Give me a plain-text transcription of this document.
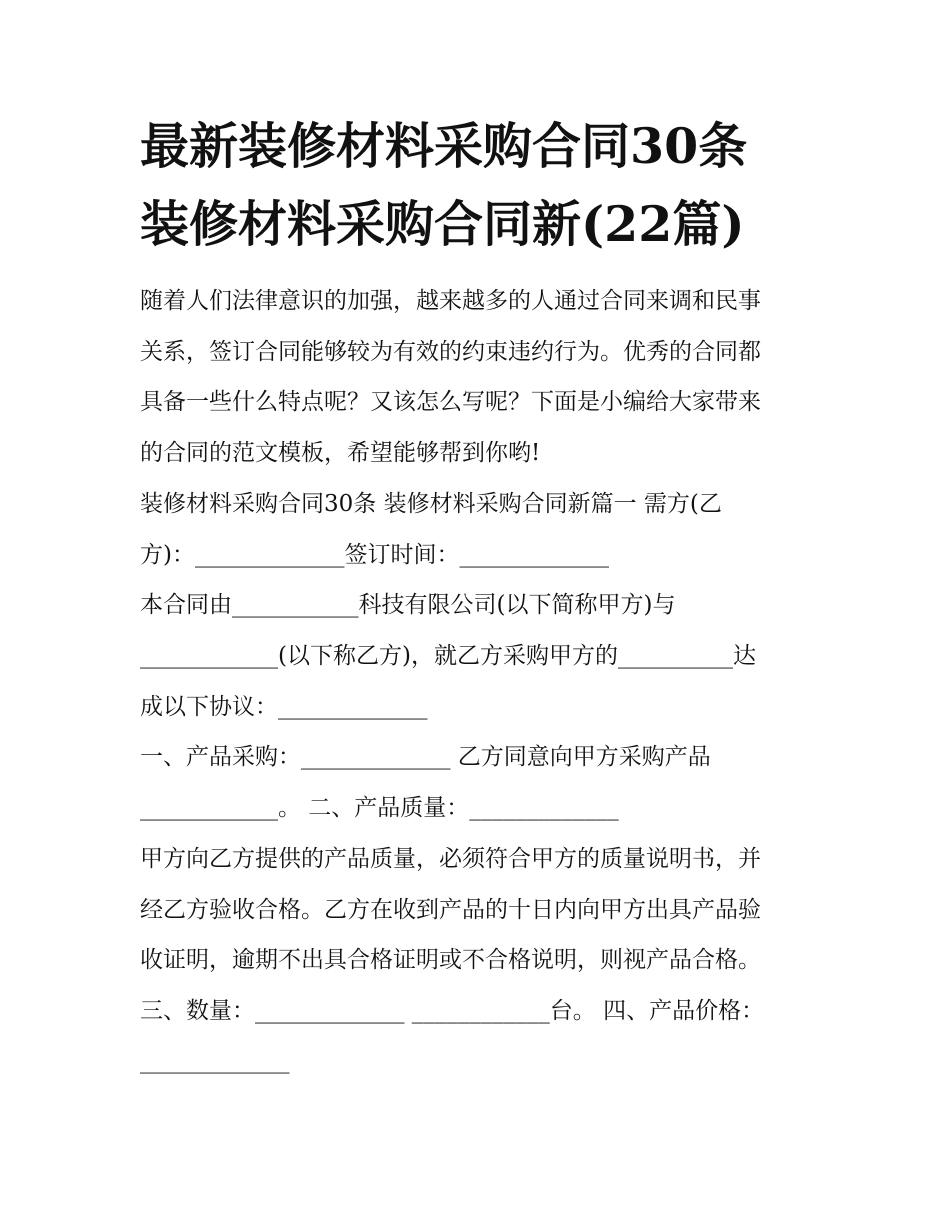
最新装修材料采购合同30条
装修材料采购合同新(22篇)
随着人们法律意识的加强，越来越多的人通过合同来调和民事
关系，签订合同能够较为有效的约束违约行为。优秀的合同都
具备一些什么特点呢？又该怎么写呢？下面是小编给大家带来
的合同的范文模板，希望能够帮到你哟!
装修材料采购合同30条 装修材料采购合同新篇一 需方(乙
方)：_____________签订时间：_____________
本合同由___________科技有限公司(以下简称甲方)与
____________(以下称乙方)，就乙方采购甲方的__________达
成以下协议：_____________
一、产品采购：_____________ 乙方同意向甲方采购产品
____________。 二、产品质量：_____________
甲方向乙方提供的产品质量，必须符合甲方的质量说明书，并
经乙方验收合格。乙方在收到产品的十日内向甲方出具产品验
收证明，逾期不出具合格证明或不合格说明，则视产品合格。
三、数量：_____________ ____________台。 四、产品价格：
_____________
